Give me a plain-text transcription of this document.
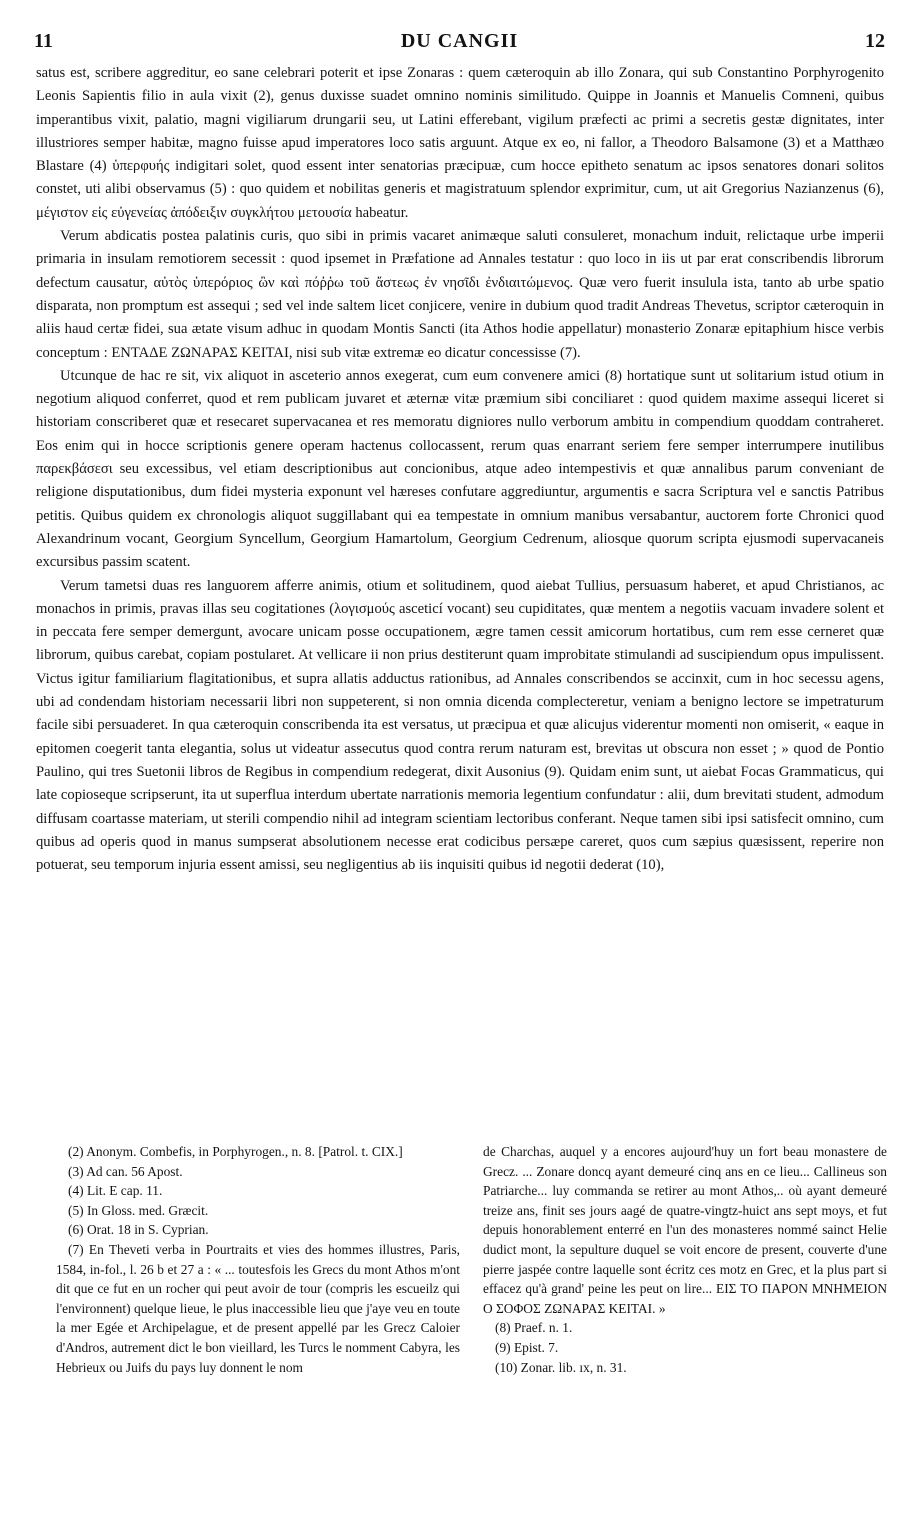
11	DU CANGII	12

satus est, scribere aggreditur, eo sane celebrari poterit et ipse Zonaras : quem cæteroquin ab illo Zonara, qui sub Constantino Porphyrogenito Leonis Sapientis filio in aula vixit (2), genus duxisse suadet omnino nominis similitudo. Quippe in Joannis et Manuelis Comneni, quibus imperantibus vixit, palatio, magni vigiliarum drungarii seu, ut Latini efferebant, vigilum præfecti ac primi a secretis gestæ dignitates, inter illustriores semper habitæ, magno fuisse apud imperatores loco satis arguunt. Atque ex eo, ni fallor, a Theodoro Balsamone (3) et a Matthæo Blastare (4) ὑπερφυής indigitari solet, quod essent inter senatorias præcipuæ, cum hocce epitheto senatum ac ipsos senatores donari solitos constet, uti alibi observamus (5) : quo quidem et nobilitas generis et magistratuum splendor exprimitur, cum, ut ait Gregorius Nazianzenus (6), μέγιστον εἰς εὐγενείας ἀπόδειξιν συγκλήτου μετουσία habeatur.

Verum abdicatis postea palatinis curis, quo sibi in primis vacaret animæque saluti consuleret, monachum induit, relictaque urbe imperii primaria in insulam remotiorem secessit : quod ipsemet in Præfatione ad Annales testatur : quo loco in iis ut par erat conscribendis librorum defectum causatur, αὐτὸς ὑπερόριος ὢν καὶ πόῤῥω τοῦ ἄστεως ἐν νησῖδι ἐνδιαιτώμενος. Quæ vero fuerit insulula ista, tanto ab urbe spatio disparata, non promptum est assequi ; sed vel inde saltem licet conjicere, venire in dubium quod tradit Andreas Thevetus, scriptor cæteroquin in aliis haud certæ fidei, sua ætate visum adhuc in quodam Montis Sancti (ita Athos hodie appellatur) monasterio Zonaræ epitaphium hisce verbis conceptum : ΕΝΤΑΔΕ ΖΩΝΑΡΑΣ ΚΕΙΤΑΙ, nisi sub vitæ extremæ eo dicatur concessisse (7).

Utcunque de hac re sit, vix aliquot in asceterio annos exegerat, cum eum convenere amici (8) hortatique sunt ut solitarium istud otium in negotium aliquod conferret, quod et rem publicam juvaret et æternæ vitæ præmium sibi conciliaret : quod quidem maxime assequi liceret si historiam conscriberet quæ et resecaret supervacanea et res memoratu digniores nullo verborum ambitu in compendium quoddam contraheret. Eos enim qui in hocce scriptionis genere operam hactenus collocassent, rerum quas enarrant seriem fere semper interrumpere inutilibus παρεκβάσεσι seu excessibus, vel etiam descriptionibus aut concionibus, atque adeo intempestivis et quæ annalibus parum conveniant de religione disputationibus, dum fidei mysteria exponunt vel hæreses confutare aggrediuntur, argumentis e sacra Scriptura vel e sanctis Patribus petitis. Quibus quidem ex chronologis aliquot suggillabant qui ea tempestate in omnium manibus versabantur, auctorem forte Chronici quod Alexandrinum vocant, Georgium Syncellum, Georgium Hamartolum, Georgium Cedrenum, aliosque quorum scripta ejusmodi supervacaneis excursibus passim scatent.

Verum tametsi duas res languorem afferre animis, otium et solitudinem, quod aiebat Tullius, persuasum haberet, et apud Christianos, ac monachos in primis, pravas illas seu cogitationes (λογισμούς asceticí vocant) seu cupiditates, quæ mentem a negotiis vacuam invadere solent et in peccata fere semper demergunt, avocare unicam posse occupationem, ægre tamen cessit amicorum hortatibus, cum rem esse cerneret quæ librorum, quibus carebat, copiam postularet. At vellicare ii non prius destiterunt quam improbitate stimulandi ad suscipiendum opus impulissent. Victus igitur familiarium flagitationibus, et supra allatis adductus rationibus, ad Annales conscribendos se accinxit, cum in hoc secessu agens, ubi ad condendam historiam necessarii libri non suppeterent, si non omnia dicenda complecteretur, veniam a benigno lectore se impetraturum facile sibi persuaderet. In qua cæteroquin conscribenda ita est versatus, ut præcipua et quæ alicujus viderentur momenti non omiserit, « eaque in epitomen coegerit tanta elegantia, solus ut videatur assecutus quod contra rerum naturam est, brevitas ut obscura non esset ; » quod de Pontio Paulino, qui tres Suetonii libros de Regibus in compendium redegerat, dixit Ausonius (9). Quidam enim sunt, ut aiebat Focas Grammaticus, qui late copioseque scripserunt, ita ut superflua interdum ubertate narrationis memoria legentium confundatur : alii, dum brevitati student, admodum diffusam coartasse materiam, ut sterili compendio nihil ad integram scientiam lectoribus conferant. Neque tamen sibi ipsi satisfecit omnino, cum quibus ad operis quod in manus sumpserat absolutionem necesse erat codicibus persæpe careret, quos cum sæpius quæsissent, reperire non potuerat, seu temporum injuria essent amissi, seu negligentius ab iis inquisiti quibus id negotii dederat (10),

(2) Anonym. Combefis, in Porphyrogen., n. 8. [Patrol. t. CIX.]

(3) Ad can. 56 Apost.

(4) Lit. E cap. 11.

(5) In Gloss. med. Græcit.

(6) Orat. 18 in S. Cyprian.

(7) En Theveti verba in Pourtraits et vies des hommes illustres, Paris, 1584, in-fol., l. 26 b et 27 a : « ... toutesfois les Grecs du mont Athos m'ont dit que ce fut en un rocher qui peut avoir de tour (compris les escueilz qui l'environnent) quelque lieue, le plus inaccessible lieu que j'aye veu en toute la mer Egée et Archipelague, et de present appellé par les Grecz Caloier d'Andros, autrement dict le bon vieillard, les Turcs le nomment Cabyra, les Hebrieux ou Juifs du pays luy donnent le nom

de Charchas, auquel y a encores aujourd'huy un fort beau monastere de Grecz. ... Zonare doncq ayant demeuré cinq ans en ce lieu... Callineus son Patriarche... luy commanda se retirer au mont Athos,.. où ayant demeuré treize ans, finit ses jours aagé de quatre-vingtz-huict ans sept moys, et fut depuis honorablement enterré en l'un des monasteres nommé sainct Helie dudict mont, la sepulture duquel se voit encore de present, couverte d'une pierre jaspée contre laquelle sont écritz ces motz en Grec, et la plus part si effacez qu'à grand' peine les peut on lire... ΕΙΣ ΤΟ ΠΑΡΟΝ ΜΝΗΜΕΙΟΝ Ο ΣΟΦΟΣ ΖΩΝΑΡΑΣ ΚΕΙΤΑΙ. »

(8) Praef. n. 1.

(9) Epist. 7.

(10) Zonar. lib. ıx, n. 31.
